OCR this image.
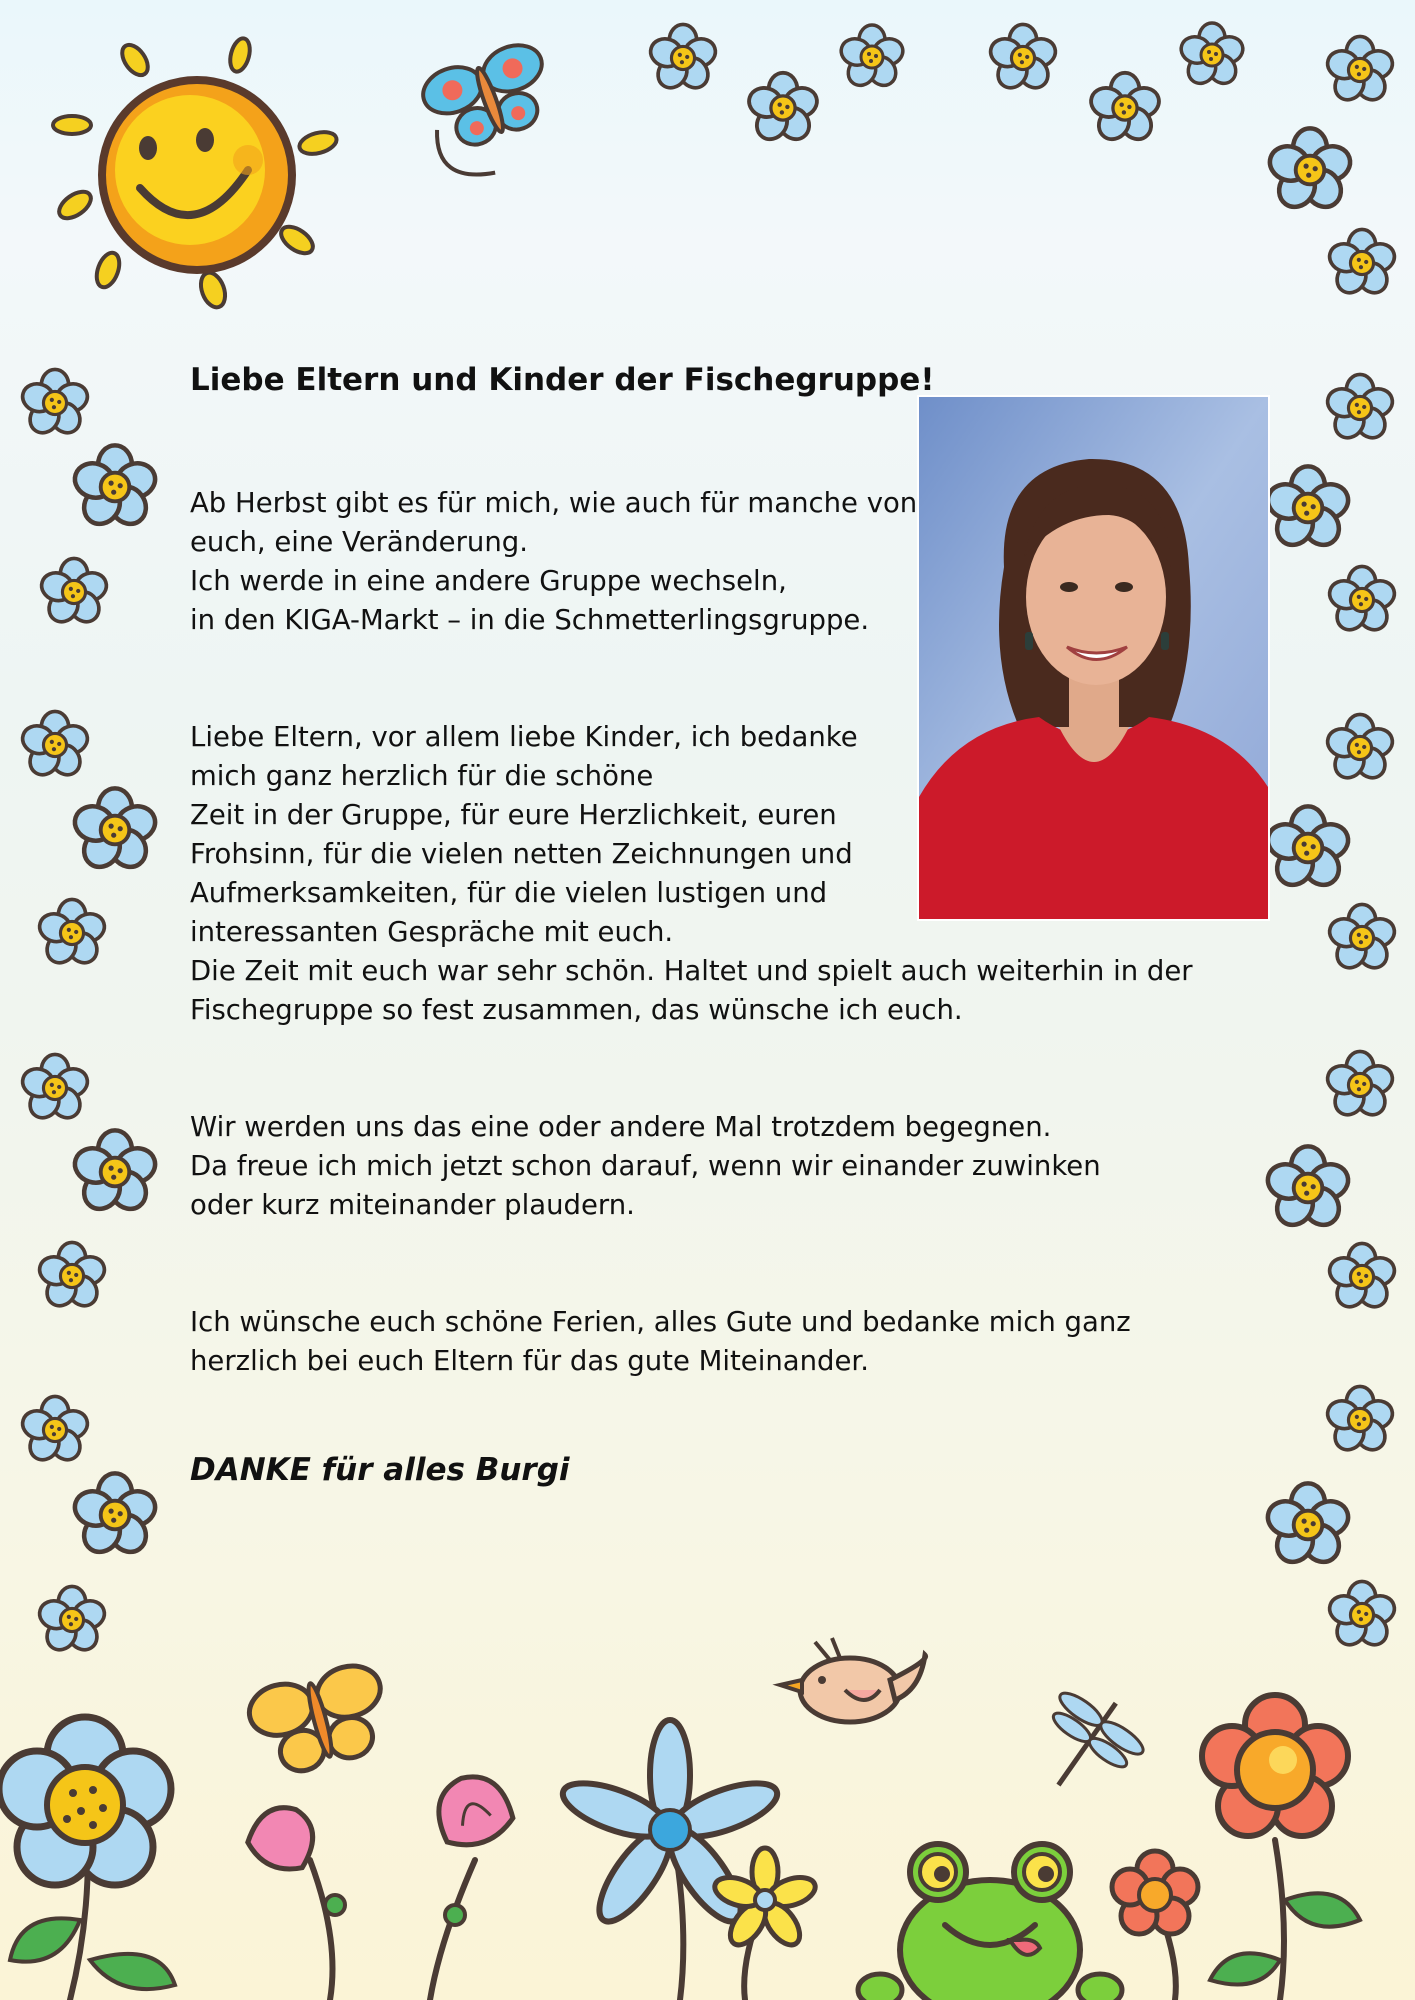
Liebe Eltern und Kinder der Fischegruppe!

Ab Herbst gibt es für mich, wie auch für manche von
euch, eine Veränderung.
Ich werde in eine andere Gruppe wechseln,
in den KIGA-Markt – in die Schmetterlingsgruppe.

Liebe Eltern, vor allem liebe Kinder, ich bedanke
mich ganz herzlich für die schöne
Zeit in der Gruppe, für eure Herzlichkeit, euren
Frohsinn, für die vielen netten Zeichnungen und
Aufmerksamkeiten, für die vielen lustigen und
interessanten Gespräche mit euch.
Die Zeit mit euch war sehr schön. Haltet und spielt auch weiterhin in der
Fischegruppe so fest zusammen, das wünsche ich euch.

Wir werden uns das eine oder andere Mal trotzdem begegnen.
Da freue ich mich jetzt schon darauf, wenn wir einander zuwinken
oder kurz miteinander plaudern.

Ich wünsche euch schöne Ferien, alles Gute und bedanke mich ganz
herzlich bei euch Eltern für das gute Miteinander.

DANKE für alles Burgi
